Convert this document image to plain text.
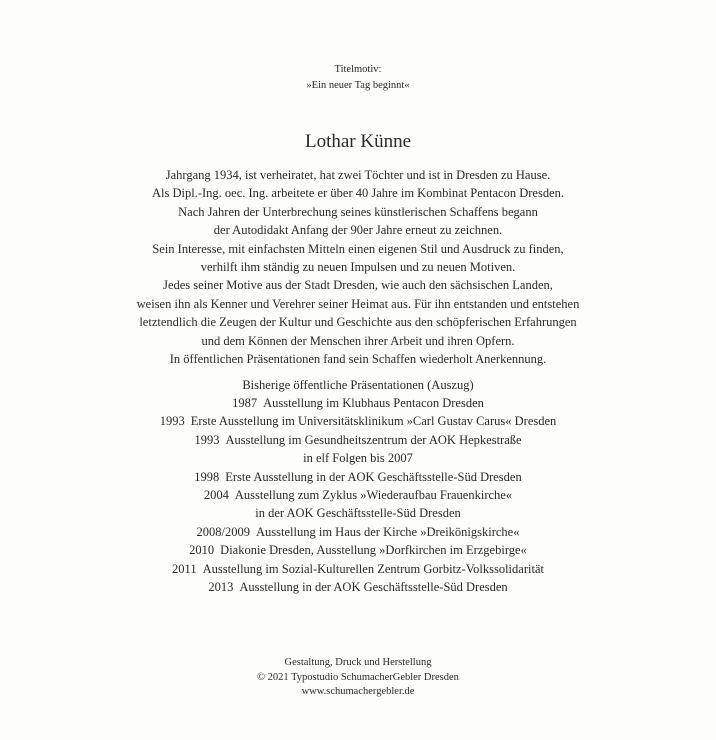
Titelmotiv:
»Ein neuer Tag beginnt«
Lothar Künne
Jahrgang 1934, ist verheiratet, hat zwei Töchter und ist in Dresden zu Hause.
Als Dipl.-Ing. oec. Ing. arbeitete er über 40 Jahre im Kombinat Pentacon Dresden.
Nach Jahren der Unterbrechung seines künstlerischen Schaffens begann
der Autodidakt Anfang der 90er Jahre erneut zu zeichnen.
Sein Interesse, mit einfachsten Mitteln einen eigenen Stil und Ausdruck zu finden,
verhilft ihm ständig zu neuen Impulsen und zu neuen Motiven.
Jedes seiner Motive aus der Stadt Dresden, wie auch den sächsischen Landen,
weisen ihn als Kenner und Verehrer seiner Heimat aus. Für ihn entstanden und entstehen
letztendlich die Zeugen der Kultur und Geschichte aus den schöpferischen Erfahrungen
und dem Können der Menschen ihrer Arbeit und ihren Opfern.
In öffentlichen Präsentationen fand sein Schaffen wiederholt Anerkennung.
Bisherige öffentliche Präsentationen (Auszug)
1987 Ausstellung im Klubhaus Pentacon Dresden
1993 Erste Ausstellung im Universitätsklinikum »Carl Gustav Carus« Dresden
1993 Ausstellung im Gesundheitszentrum der AOK Hepkestraße
in elf Folgen bis 2007
1998 Erste Ausstellung in der AOK Geschäftsstelle-Süd Dresden
2004 Ausstellung zum Zyklus »Wiederaufbau Frauenkirche«
in der AOK Geschäftsstelle-Süd Dresden
2008/2009 Ausstellung im Haus der Kirche »Dreikönigskirche«
2010 Diakonie Dresden, Ausstellung »Dorfkirchen im Erzgebirge«
2011 Ausstellung im Sozial-Kulturellen Zentrum Gorbitz-Volkssolidarität
2013 Ausstellung in der AOK Geschäftsstelle-Süd Dresden
Gestaltung, Druck und Herstellung
© 2021 Typostudio SchumacherGebler Dresden
www.schumachergebler.de
